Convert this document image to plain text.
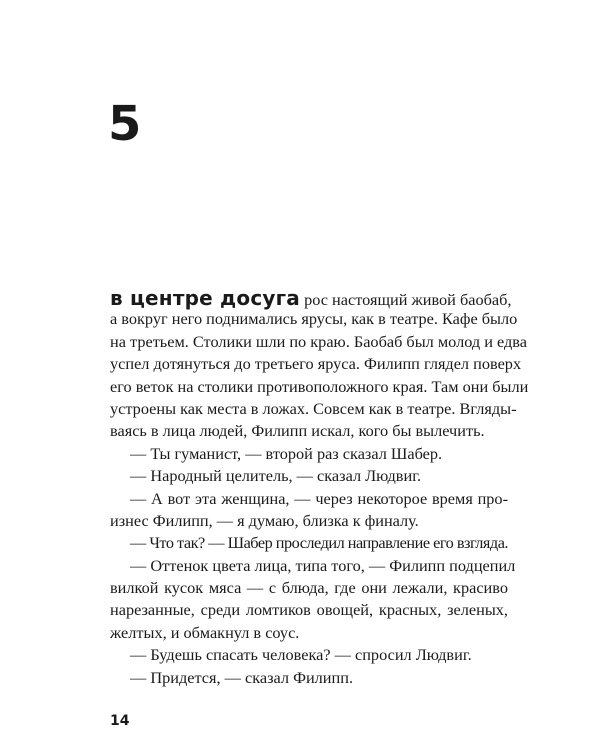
5
в центре досуга рос настоящий живой баобаб,
а вокруг него поднимались ярусы, как в театре. Кафе было
на третьем. Столики шли по краю. Баобаб был молод и едва
успел дотянуться до третьего яруса. Филипп глядел поверх
его веток на столики противоположного края. Там они были
устроены как места в ложах. Совсем как в театре. Вгляды-
ваясь в лица людей, Филипп искал, кого бы вылечить.
— Ты гуманист, — второй раз сказал Шабер.
— Народный целитель, — сказал Людвиг.
— А вот эта женщина, — через некоторое время про-
изнес Филипп, — я думаю, близка к финалу.
— Что так? — Шабер проследил направление его взгляда.
— Оттенок цвета лица, типа того, — Филипп подцепил
вилкой кусок мяса — с блюда, где они лежали, красиво
нарезанные, среди ломтиков овощей, красных, зеленых,
желтых, и обмакнул в соус.
— Будешь спасать человека? — спросил Людвиг.
— Придется, — сказал Филипп.
14
